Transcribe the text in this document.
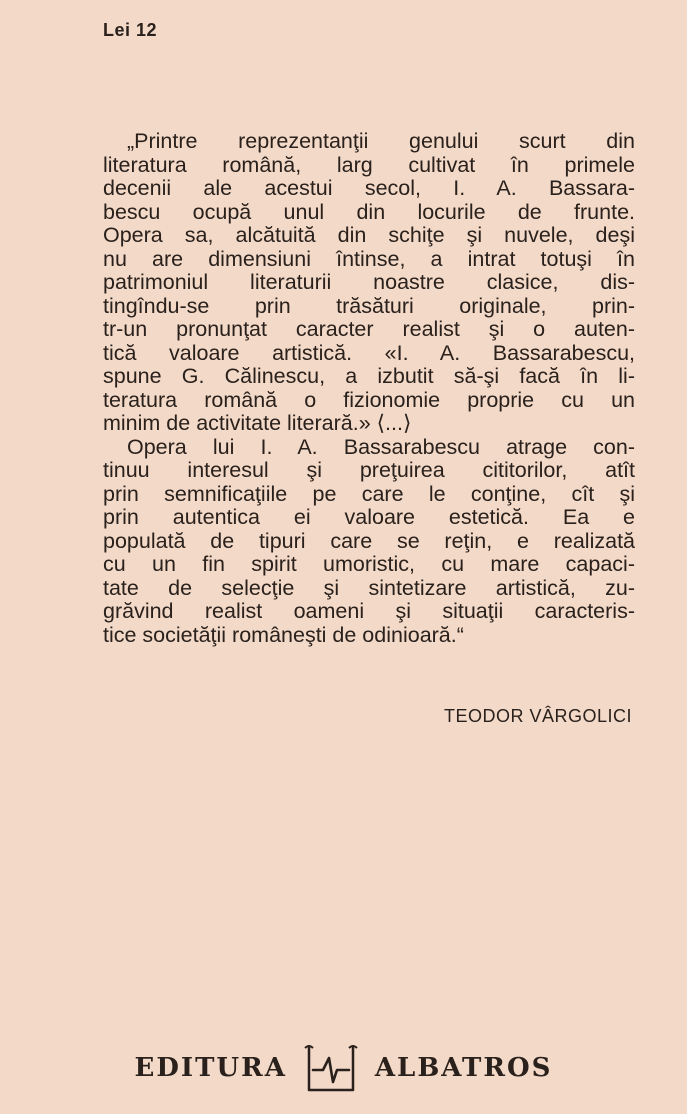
Lei 12
„Printre reprezentanţii genului scurt din
literatura română, larg cultivat în primele
decenii ale acestui secol, I. A. Bassara-
bescu ocupă unul din locurile de frunte.
Opera sa, alcătuită din schiţe şi nuvele, deşi
nu are dimensiuni întinse, a intrat totuşi în
patrimoniul literaturii noastre clasice, dis-
tingîndu-se prin trăsături originale, prin-
tr-un pronunţat caracter realist şi o auten-
tică valoare artistică. «I. A. Bassarabescu,
spune G. Călinescu, a izbutit să-şi facă în li-
teratura română o fizionomie proprie cu un
minim de activitate literară.» ⟨...⟩
Opera lui I. A. Bassarabescu atrage con-
tinuu interesul şi preţuirea cititorilor, atît
prin semnificaţiile pe care le conţine, cît şi
prin autentica ei valoare estetică. Ea e
populată de tipuri care se reţin, e realizată
cu un fin spirit umoristic, cu mare capaci-
tate de selecţie şi sintetizare artistică, zu-
grăvind realist oameni şi situaţii caracteris-
tice societăţii româneşti de odinioară.“
TEODOR VÂRGOLICI
EDITURA	ALBATROS
